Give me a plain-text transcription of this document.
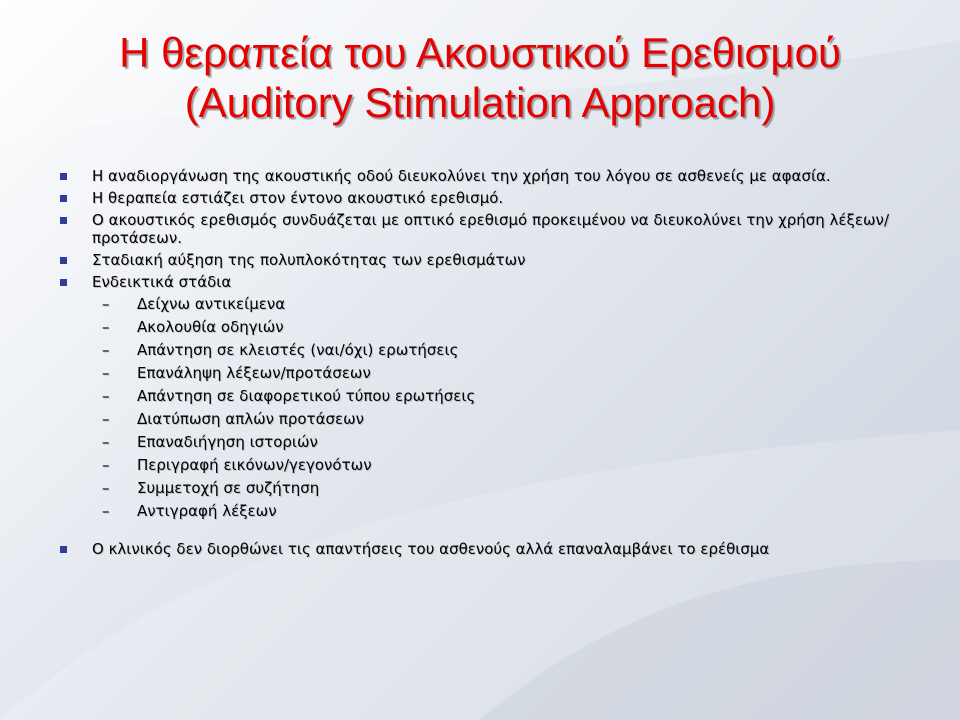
Η θεραπεία του Ακουστικού Ερεθισμού
(Auditory Stimulation Approach)
Η αναδιοργάνωση της ακουστικής οδού διευκολύνει την χρήση του λόγου σε ασθενείς με αφασία.
Η θεραπεία εστιάζει στον έντονο ακουστικό ερεθισμό.
Ο ακουστικός ερεθισμός συνδυάζεται με οπτικό ερεθισμό προκειμένου να διευκολύνει την χρήση λέξεων/προτάσεων.
Σταδιακή αύξηση της πολυπλοκότητας των ερεθισμάτων
Ενδεικτικά στάδια
– Δείχνω αντικείμενα
– Ακολουθία οδηγιών
– Απάντηση σε κλειστές (ναι/όχι) ερωτήσεις
– Επανάληψη λέξεων/προτάσεων
– Απάντηση σε διαφορετικού τύπου ερωτήσεις
– Διατύπωση απλών προτάσεων
– Επαναδιήγηση ιστοριών
– Περιγραφή εικόνων/γεγονότων
– Συμμετοχή σε συζήτηση
– Αντιγραφή λέξεων
Ο κλινικός δεν διορθώνει τις απαντήσεις του ασθενούς αλλά επαναλαμβάνει το ερέθισμα
